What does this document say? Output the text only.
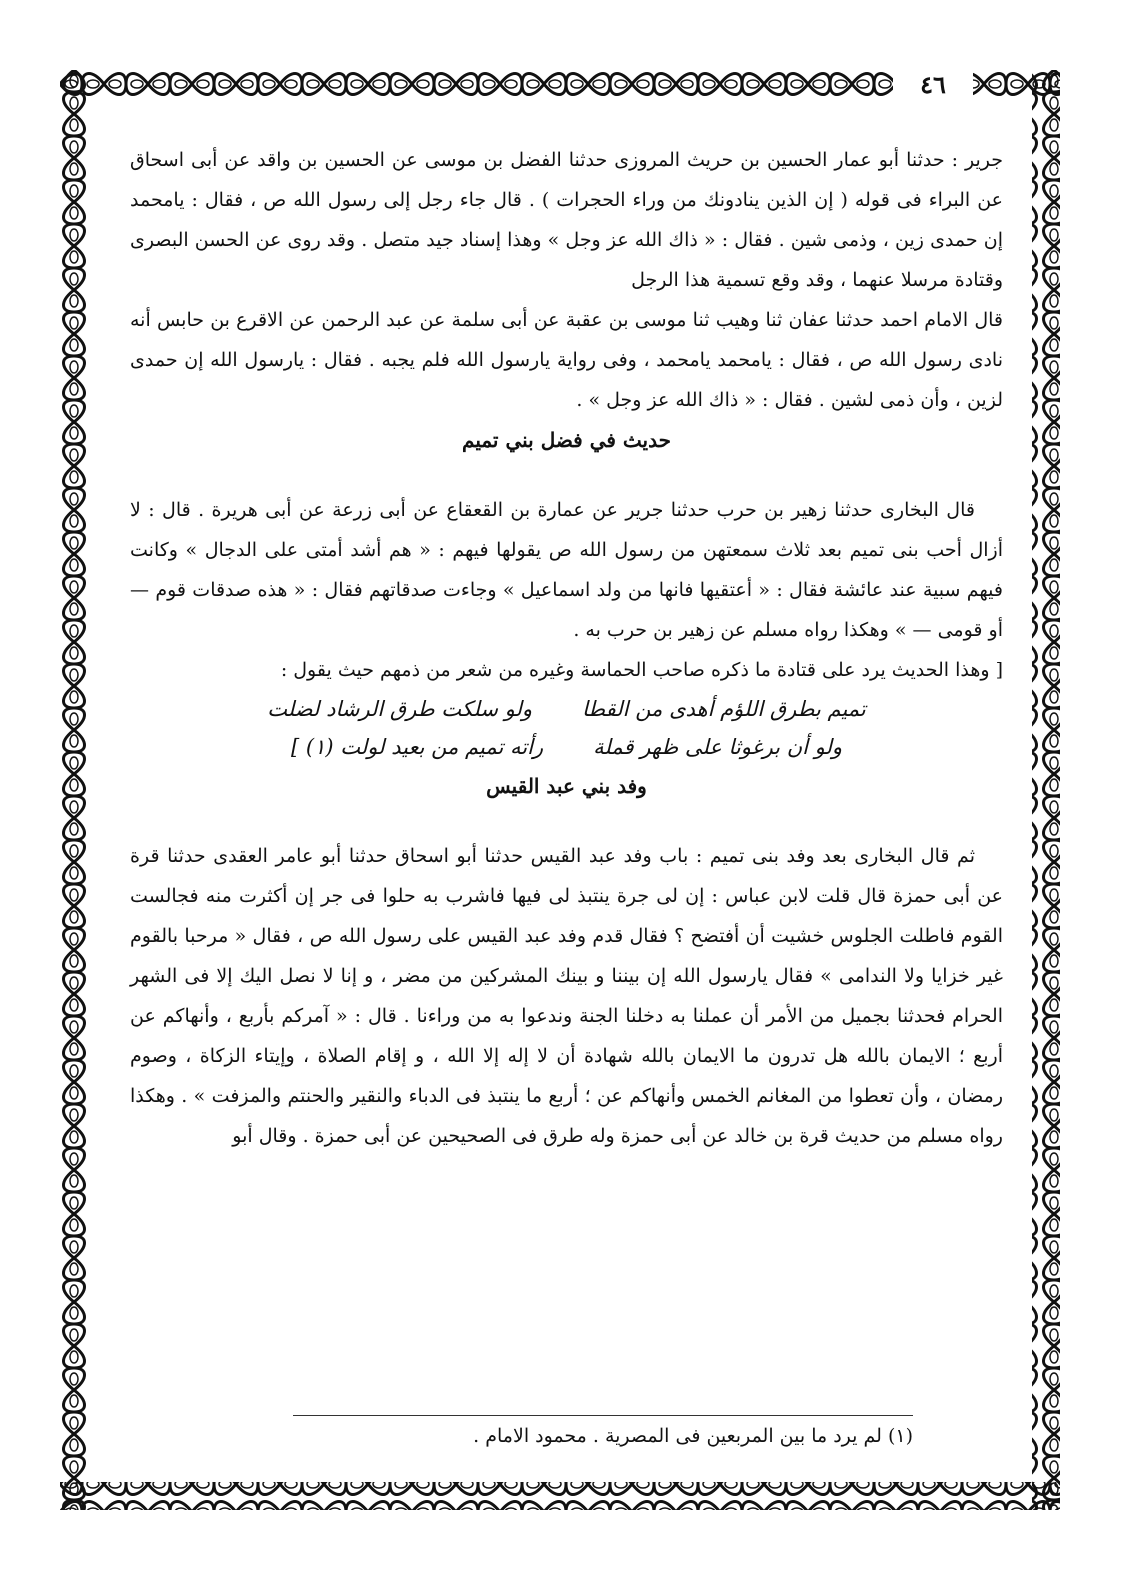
٤٦

جرير : حدثنا أبو عمار الحسين بن حريث المروزى حدثنا الفضل بن موسى عن الحسين بن واقد عن أبى اسحاق عن البراء فى قوله ( إن الذين ينادونك من وراء الحجرات ) . قال جاء رجل إلى رسول الله ص ، فقال : يامحمد إن حمدى زين ، وذمى شين . فقال : « ذاك الله عز وجل » وهذا إسناد جيد متصل . وقد روى عن الحسن البصرى وقتادة مرسلا عنهما ، وقد وقع تسمية هذا الرجل

قال الامام احمد حدثنا عفان ثنا وهيب ثنا موسى بن عقبة عن أبى سلمة عن عبد الرحمن عن الاقرع بن حابس أنه نادى رسول الله ص ، فقال : يامحمد يامحمد ، وفى رواية يارسول الله فلم يجبه . فقال : يارسول الله إن حمدى لزين ، وأن ذمى لشين . فقال : « ذاك الله عز وجل » .

حديث في فضل بني تميم

قال البخارى حدثنا زهير بن حرب حدثنا جرير عن عمارة بن القعقاع عن أبى زرعة عن أبى هريرة . قال : لا أزال أحب بنى تميم بعد ثلاث سمعتهن من رسول الله ص يقولها فيهم : « هم أشد أمتى على الدجال » وكانت فيهم سبية عند عائشة فقال : « أعتقيها فانها من ولد اسماعيل » وجاءت صدقاتهم فقال : « هذه صدقات قوم — أو قومى — » وهكذا رواه مسلم عن زهير بن حرب به .

[ وهذا الحديث يرد على قتادة ما ذكره صاحب الحماسة وغيره من شعر من ذمهم حيث يقول :

تميم بطرق اللؤم أهدى من القطا
ولو سلكت طرق الرشاد لضلت
ولو أن برغوثا على ظهر قملة
رأته تميم من بعيد لولت (١) ]

وفد بني عبد القيس

ثم قال البخارى بعد وفد بنى تميم : باب وفد عبد القيس حدثنا أبو اسحاق حدثنا أبو عامر العقدى حدثنا قرة عن أبى حمزة قال قلت لابن عباس : إن لى جرة ينتبذ لى فيها فاشرب به حلوا فى جر إن أكثرت منه فجالست القوم فاطلت الجلوس خشيت أن أفتضح ؟ فقال قدم وفد عبد القيس على رسول الله ص ، فقال « مرحبا بالقوم غير خزايا ولا الندامى » فقال يارسول الله إن بيننا و بينك المشركين من مضر ، و إنا لا نصل اليك إلا فى الشهر الحرام فحدثنا بجميل من الأمر أن عملنا به دخلنا الجنة وندعوا به من وراءنا . قال : « آمركم بأربع ، وأنهاكم عن أربع ؛ الايمان بالله هل تدرون ما الايمان بالله شهادة أن لا إله إلا الله ، و إقام الصلاة ، وإيتاء الزكاة ، وصوم رمضان ، وأن تعطوا من المغانم الخمس وأنهاكم عن ؛ أربع ما ينتبذ فى الدباء والنقير والحنتم والمزفت » . وهكذا رواه مسلم من حديث قرة بن خالد عن أبى حمزة وله طرق فى الصحيحين عن أبى حمزة . وقال أبو

(١) لم يرد ما بين المربعين فى المصرية . محمود الامام .
